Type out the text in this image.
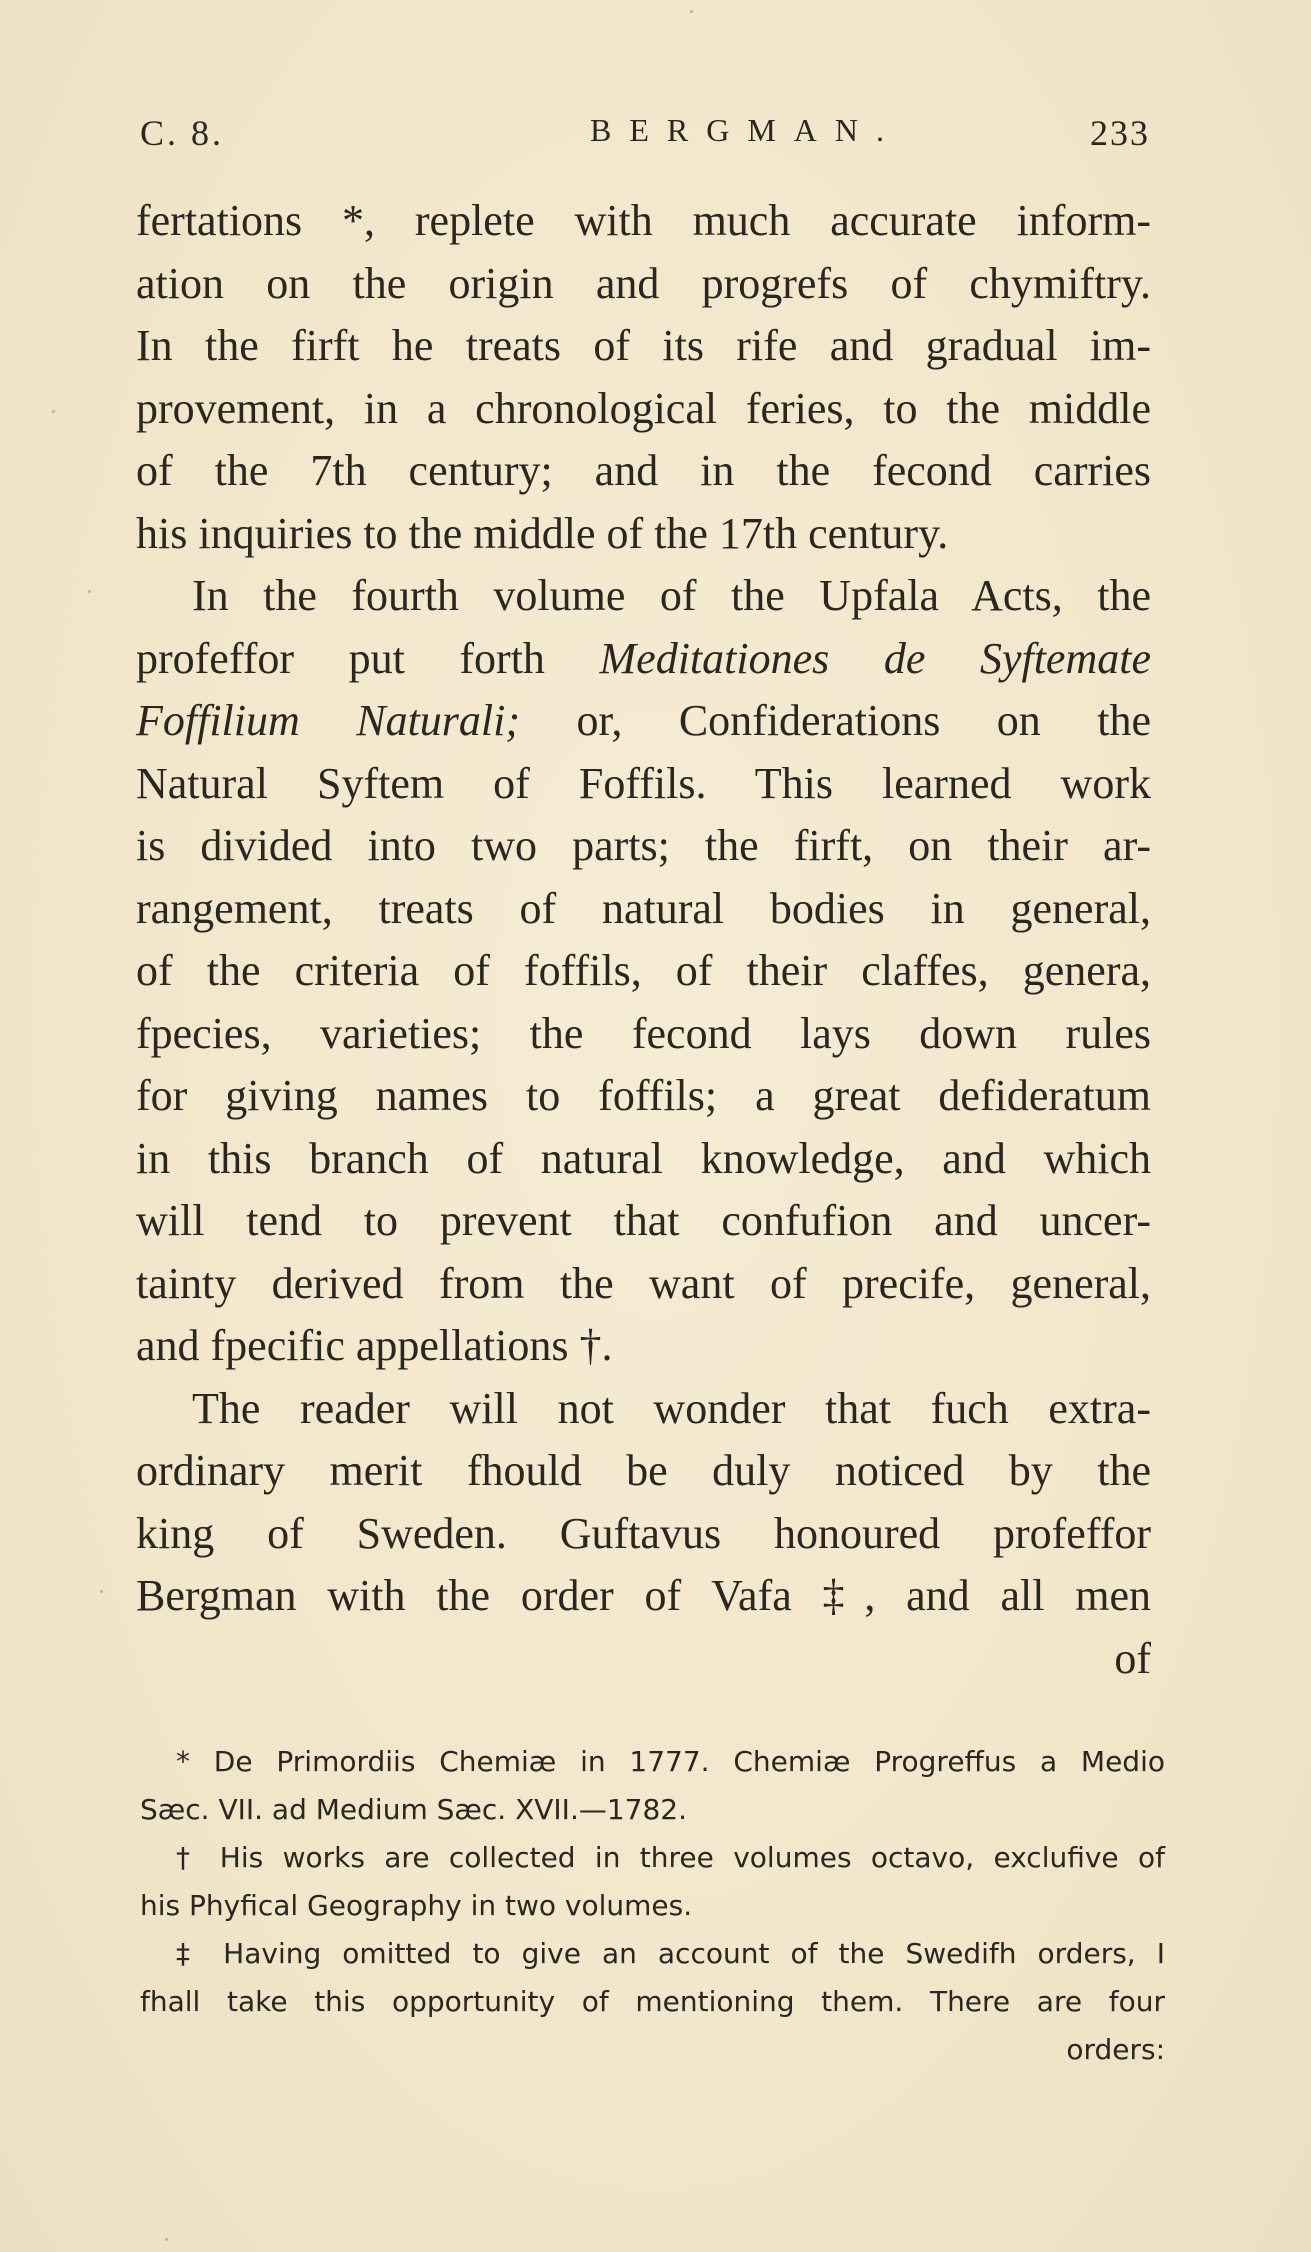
C. 8.	BERGMAN.	233
fertations *, replete with much accurate inform-
ation on the origin and progrefs of chymiftry.
In the firft he treats of its rife and gradual im-
provement, in a chronological feries, to the middle
of the 7th century; and in the fecond carries
his inquiries to the middle of the 17th century.
In the fourth volume of the Upfala Acts, the
profeffor put forth Meditationes de Syftemate
Foffilium Naturali; or, Confiderations on the
Natural Syftem of Foffils. This learned work
is divided into two parts; the firft, on their ar-
rangement, treats of natural bodies in general,
of the criteria of foffils, of their claffes, genera,
fpecies, varieties; the fecond lays down rules
for giving names to foffils; a great defideratum
in this branch of natural knowledge, and which
will tend to prevent that confufion and uncer-
tainty derived from the want of precife, general,
and fpecific appellations †.
The reader will not wonder that fuch extra-
ordinary merit fhould be duly noticed by the
king of Sweden. Guftavus honoured profeffor
Bergman with the order of Vafa ‡, and all men
of
* De Primordiis Chemiæ in 1777. Chemiæ Progreffus a Medio
Sæc. VII. ad Medium Sæc. XVII.—1782.
† His works are collected in three volumes octavo, exclufive of
his Phyfical Geography in two volumes.
‡ Having omitted to give an account of the Swedifh orders, I
fhall take this opportunity of mentioning them. There are four
orders:
